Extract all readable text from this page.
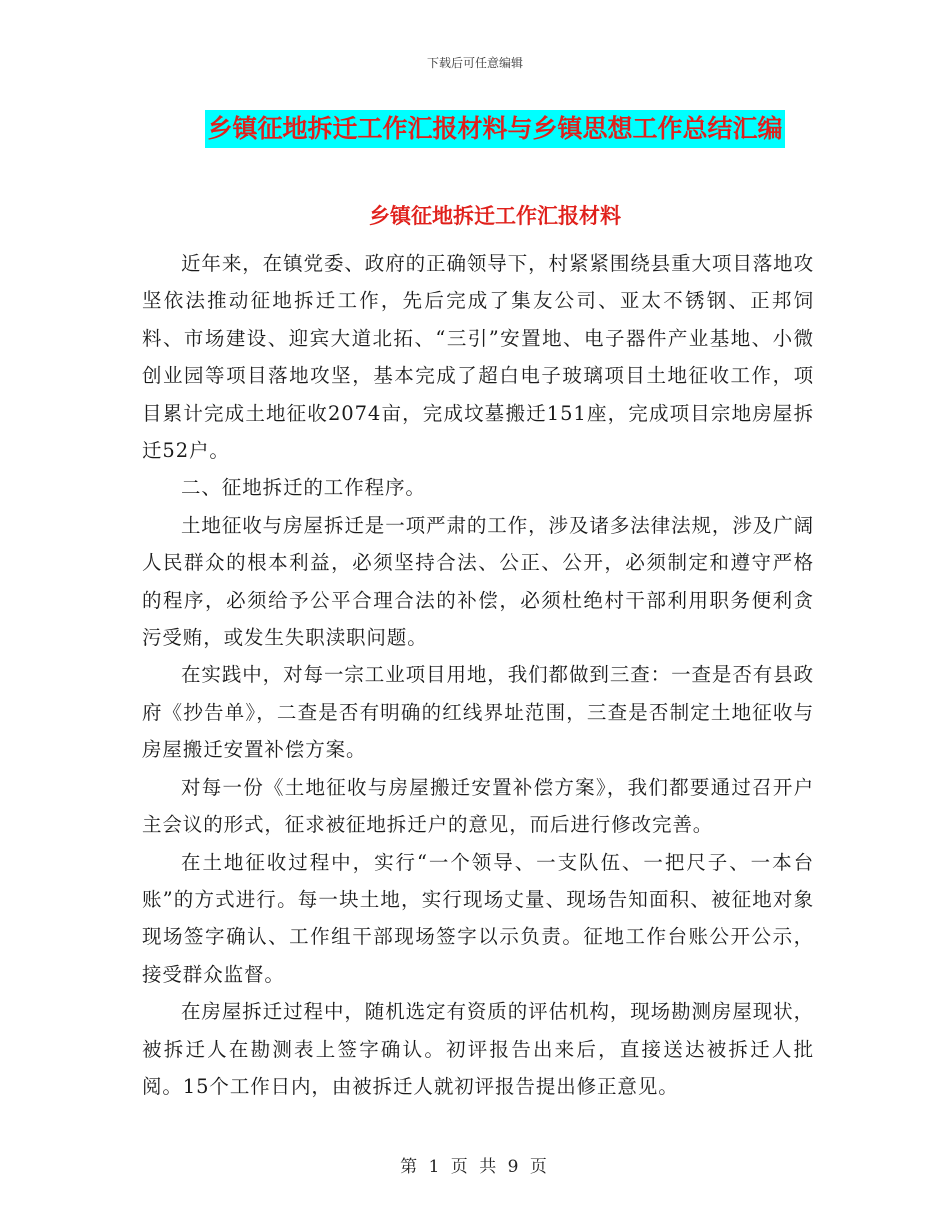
下载后可任意编辑
乡镇征地拆迁工作汇报材料与乡镇思想工作总结汇编
乡镇征地拆迁工作汇报材料

近年来，在镇党委、政府的正确领导下，村紧紧围绕县重大项目落地攻坚依法推动征地拆迁工作，先后完成了集友公司、亚太不锈钢、正邦饲料、市场建设、迎宾大道北拓、“三引”安置地、电子器件产业基地、小微创业园等项目落地攻坚，基本完成了超白电子玻璃项目土地征收工作，项目累计完成土地征收2074亩，完成坟墓搬迁151座，完成项目宗地房屋拆迁52户。

二、征地拆迁的工作程序。

土地征收与房屋拆迁是一项严肃的工作，涉及诸多法律法规，涉及广阔人民群众的根本利益，必须坚持合法、公正、公开，必须制定和遵守严格的程序，必须给予公平合理合法的补偿，必须杜绝村干部利用职务便利贪污受贿，或发生失职渎职问题。

在实践中，对每一宗工业项目用地，我们都做到三查：一查是否有县政府《抄告单》，二查是否有明确的红线界址范围，三查是否制定土地征收与房屋搬迁安置补偿方案。

对每一份《土地征收与房屋搬迁安置补偿方案》，我们都要通过召开户主会议的形式，征求被征地拆迁户的意见，而后进行修改完善。

在土地征收过程中，实行“一个领导、一支队伍、一把尺子、一本台账”的方式进行。每一块土地，实行现场丈量、现场告知面积、被征地对象现场签字确认、工作组干部现场签字以示负责。征地工作台账公开公示，接受群众监督。

在房屋拆迁过程中，随机选定有资质的评估机构，现场勘测房屋现状，被拆迁人在勘测表上签字确认。初评报告出来后，直接送达被拆迁人批阅。15个工作日内，由被拆迁人就初评报告提出修正意见。

第 1 页 共 9 页
